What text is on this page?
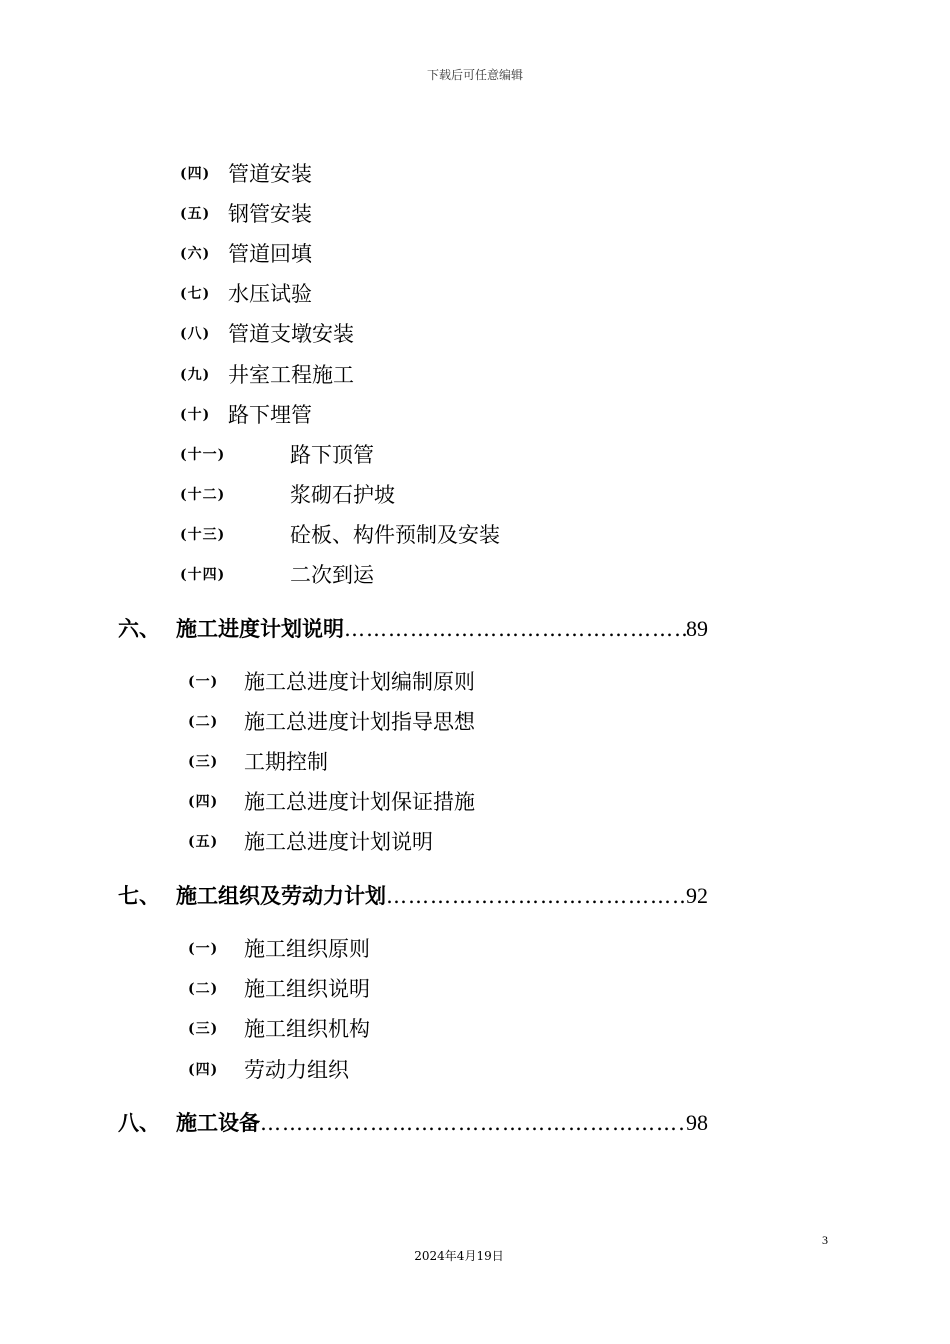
下载后可任意编辑
(四) 管道安装
(五) 钢管安装
(六) 管道回填
(七) 水压试验
(八) 管道支墩安装
(九) 井室工程施工
(十) 路下埋管
(十一)	路下顶管
(十二)	浆砌石护坡
(十三)	砼板、构件预制及安装
(十四)	二次到运
六、 施工进度计划说明 ……………………………………………………………………………………………………………………………	89
(一) 施工总进度计划编制原则
(二) 施工总进度计划指导思想
(三) 工期控制
(四) 施工总进度计划保证措施
(五) 施工总进度计划说明
七、 施工组织及劳动力计划 ……………………………………………………………………………………………………………………………	92
(一) 施工组织原则
(二) 施工组织说明
(三) 施工组织机构
(四) 劳动力组织
八、 施工设备 ……………………………………………………………………………………………………………………………	98
3
2024年4月19日
